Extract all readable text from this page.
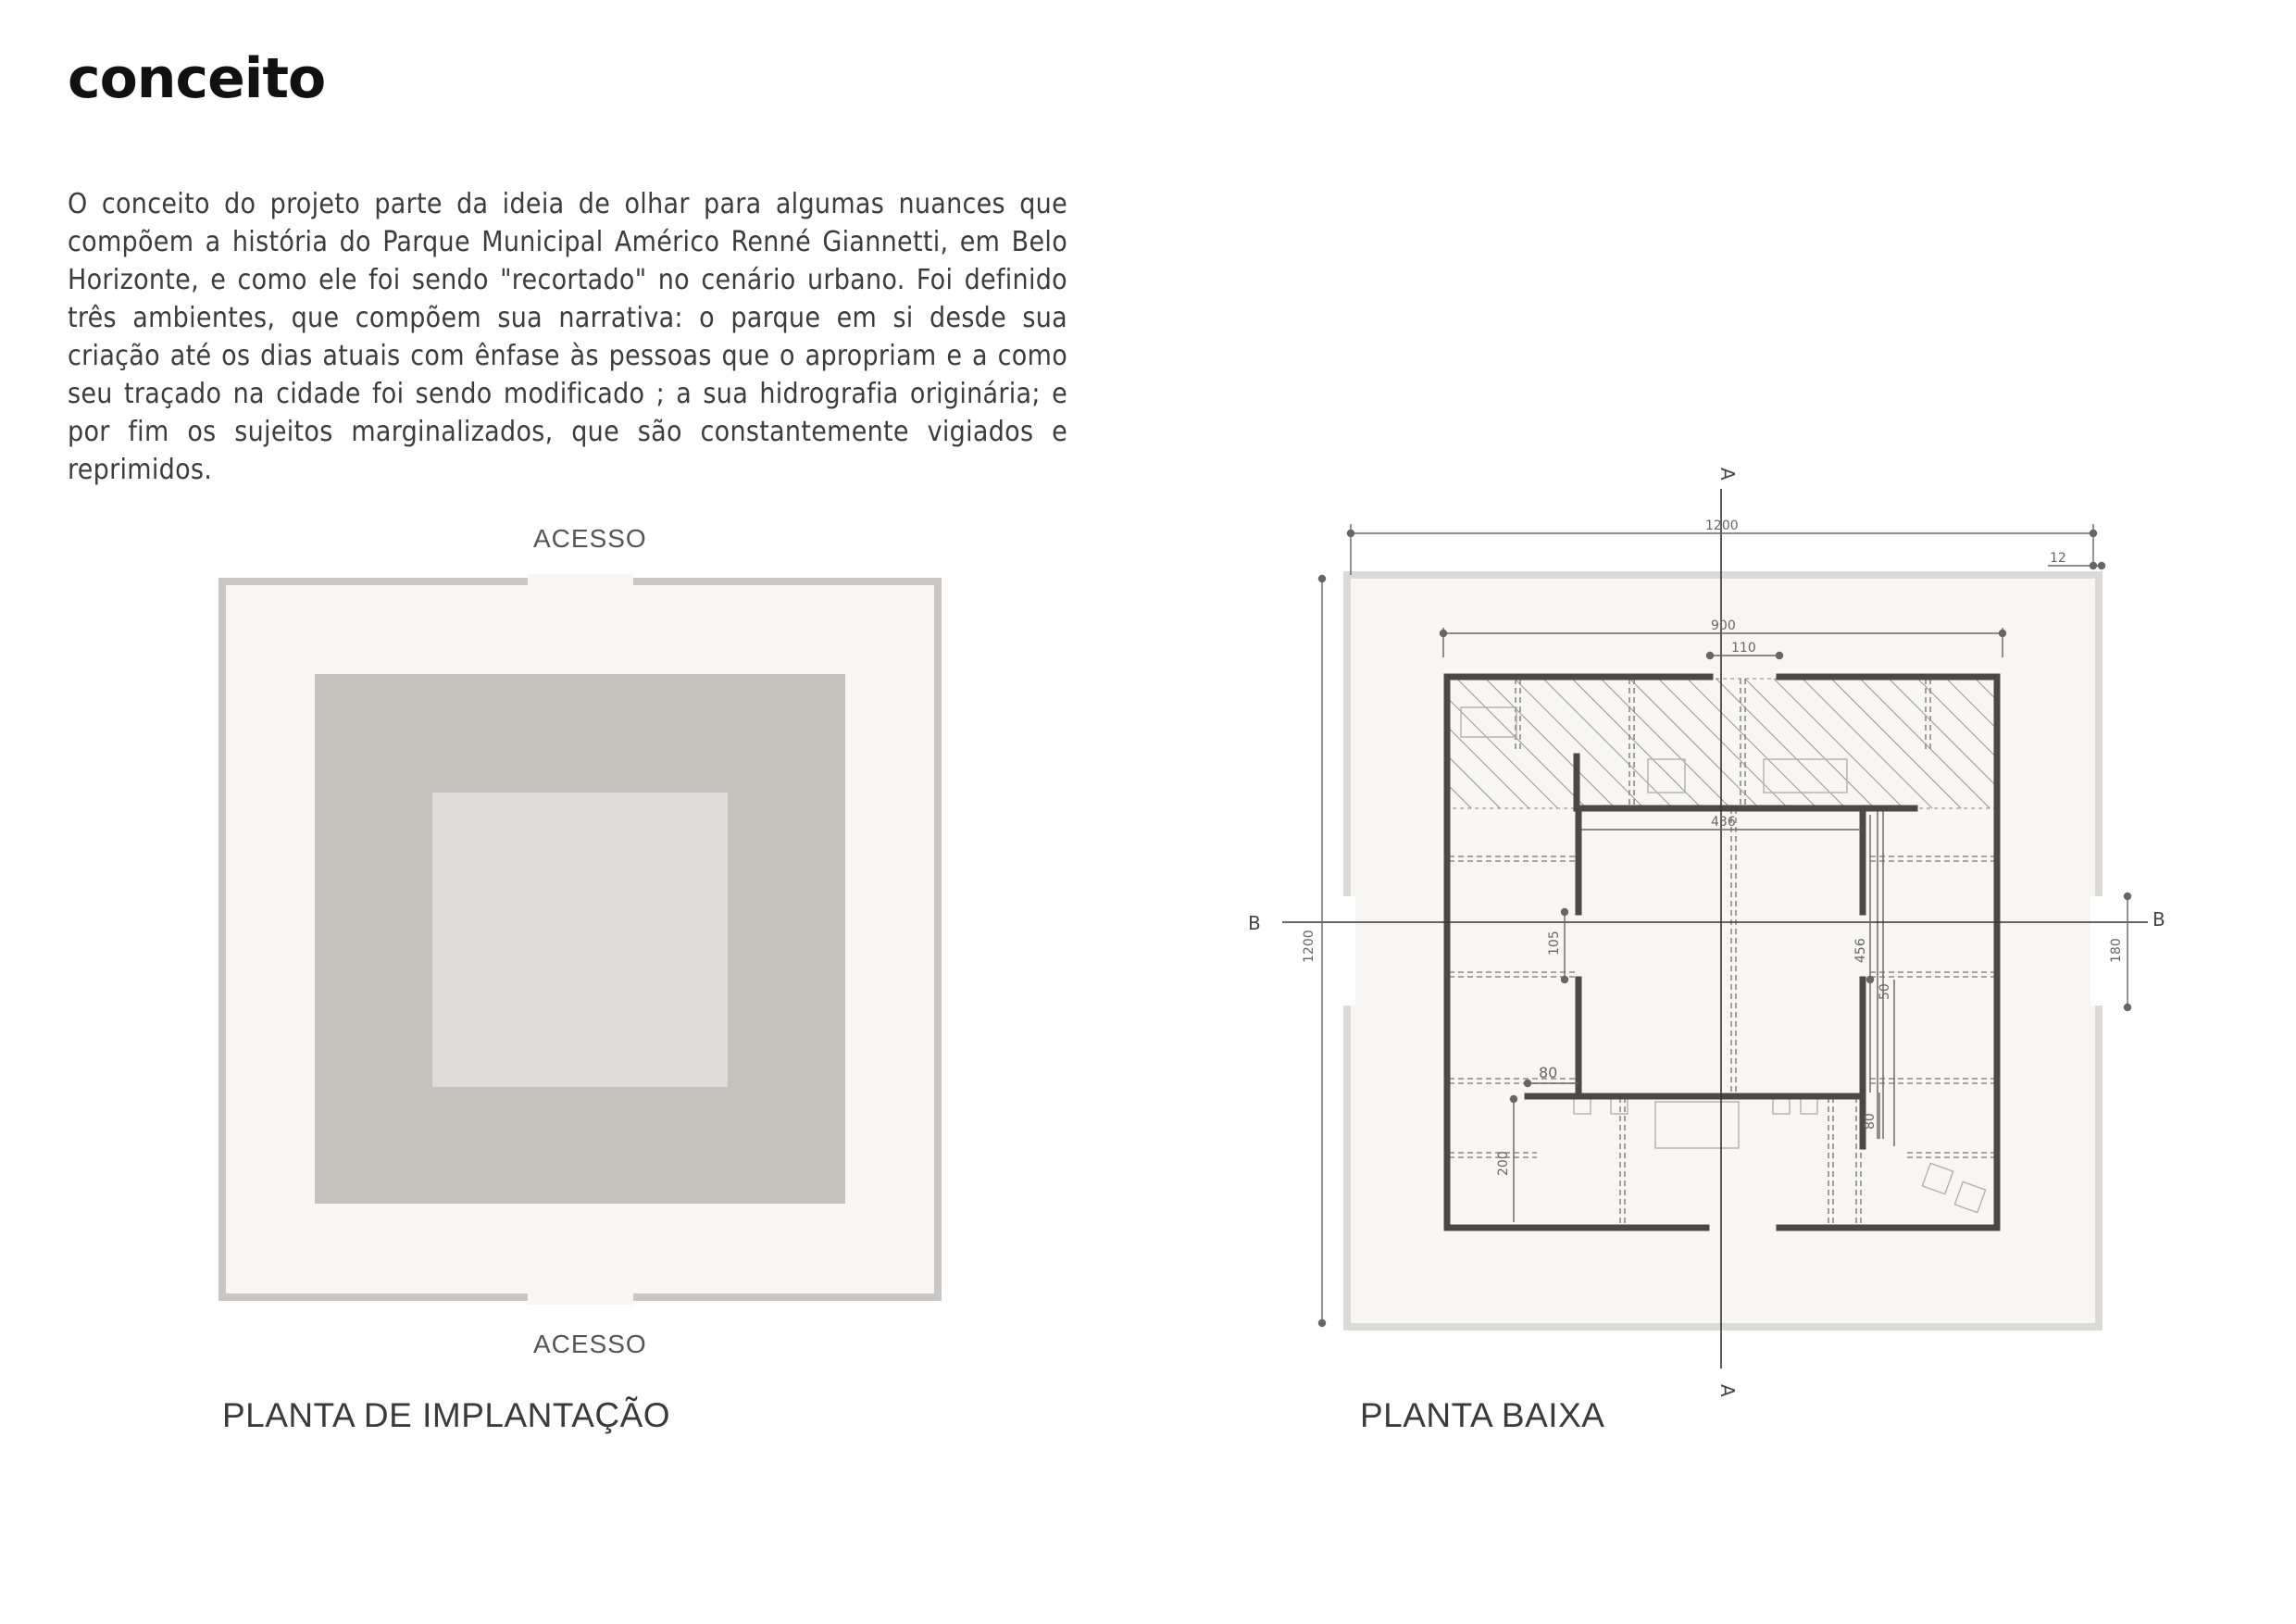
conceito
O conceito do projeto parte da ideia de olhar para algumas nuances que compõem a história do Parque Municipal Américo Renné Giannetti, em Belo Horizonte, e como ele foi sendo "recortado" no cenário urbano. Foi definido três ambientes, que compõem sua narrativa: o parque em si desde sua criação até os dias atuais com ênfase às pessoas que o apropriam e a como seu traçado na cidade foi sendo modificado ; a sua hidrografia originária; e por fim os sujeitos marginalizados, que são constantemente vigiados e reprimidos.
ACESSO
ACESSO
PLANTA DE IMPLANTAÇÃO	PLANTA BAIXA
1200
12
900
110
436
1200	180
105	456
50
80
80
200
A
A
B	B
